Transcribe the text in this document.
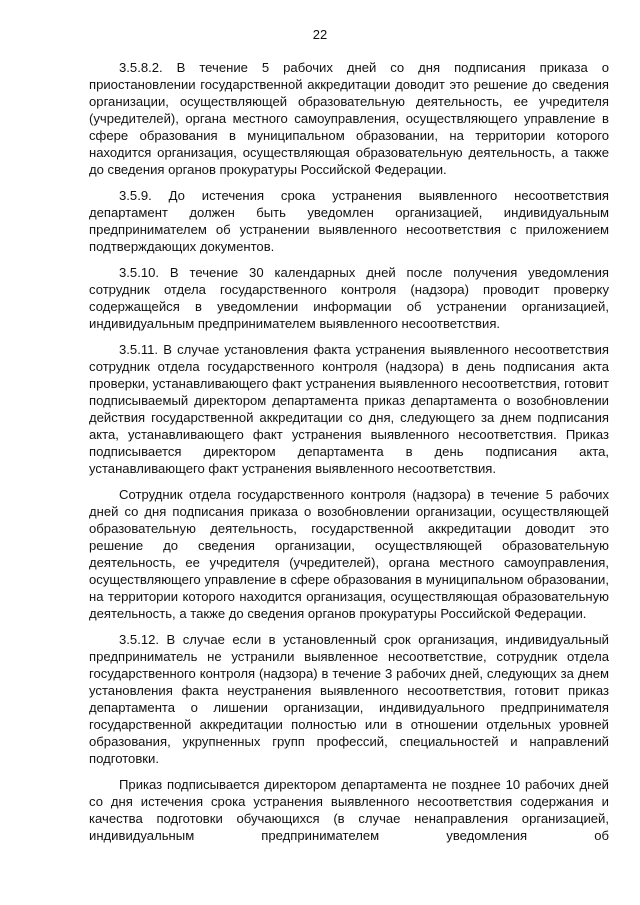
22

3.5.8.2. В течение 5 рабочих дней со дня подписания приказа о приостановлении государственной аккредитации доводит это решение до сведения организации, осуществляющей образовательную деятельность, ее учредителя (учредителей), органа местного самоуправления, осуществляющего управление в сфере образования в муниципальном образовании, на территории которого находится организация, осуществляющая образовательную деятельность, а также до сведения органов прокуратуры Российской Федерации.

3.5.9. До истечения срока устранения выявленного несоответствия департамент должен быть уведомлен организацией, индивидуальным предпринимателем об устранении выявленного несоответствия с приложением подтверждающих документов.

3.5.10. В течение 30 календарных дней после получения уведомления сотрудник отдела государственного контроля (надзора) проводит проверку содержащейся в уведомлении информации об устранении организацией, индивидуальным предпринимателем выявленного несоответствия.

3.5.11. В случае установления факта устранения выявленного несоответствия сотрудник отдела государственного контроля (надзора) в день подписания акта проверки, устанавливающего факт устранения выявленного несоответствия, готовит подписываемый директором департамента приказ департамента о возобновлении действия государственной аккредитации со дня, следующего за днем подписания акта, устанавливающего факт устранения выявленного несоответствия. Приказ подписывается директором департамента в день подписания акта, устанавливающего факт устранения выявленного несоответствия.

Сотрудник отдела государственного контроля (надзора) в течение 5 рабочих дней со дня подписания приказа о возобновлении организации, осуществляющей образовательную деятельность, государственной аккредитации доводит это решение до сведения организации, осуществляющей образовательную деятельность, ее учредителя (учредителей), органа местного самоуправления, осуществляющего управление в сфере образования в муниципальном образовании, на территории которого находится организация, осуществляющая образовательную деятельность, а также до сведения органов прокуратуры Российской Федерации.

3.5.12. В случае если в установленный срок организация, индивидуальный предприниматель не устранили выявленное несоответствие, сотрудник отдела государственного контроля (надзора) в течение 3 рабочих дней, следующих за днем установления факта неустранения выявленного несоответствия, готовит приказ департамента о лишении организации, индивидуального предпринимателя государственной аккредитации полностью или в отношении отдельных уровней образования, укрупненных групп профессий, специальностей и направлений подготовки.

Приказ подписывается директором департамента не позднее 10 рабочих дней со дня истечения срока устранения выявленного несоответствия содержания и качества подготовки обучающихся (в случае ненаправления организацией, индивидуальным предпринимателем уведомления об
